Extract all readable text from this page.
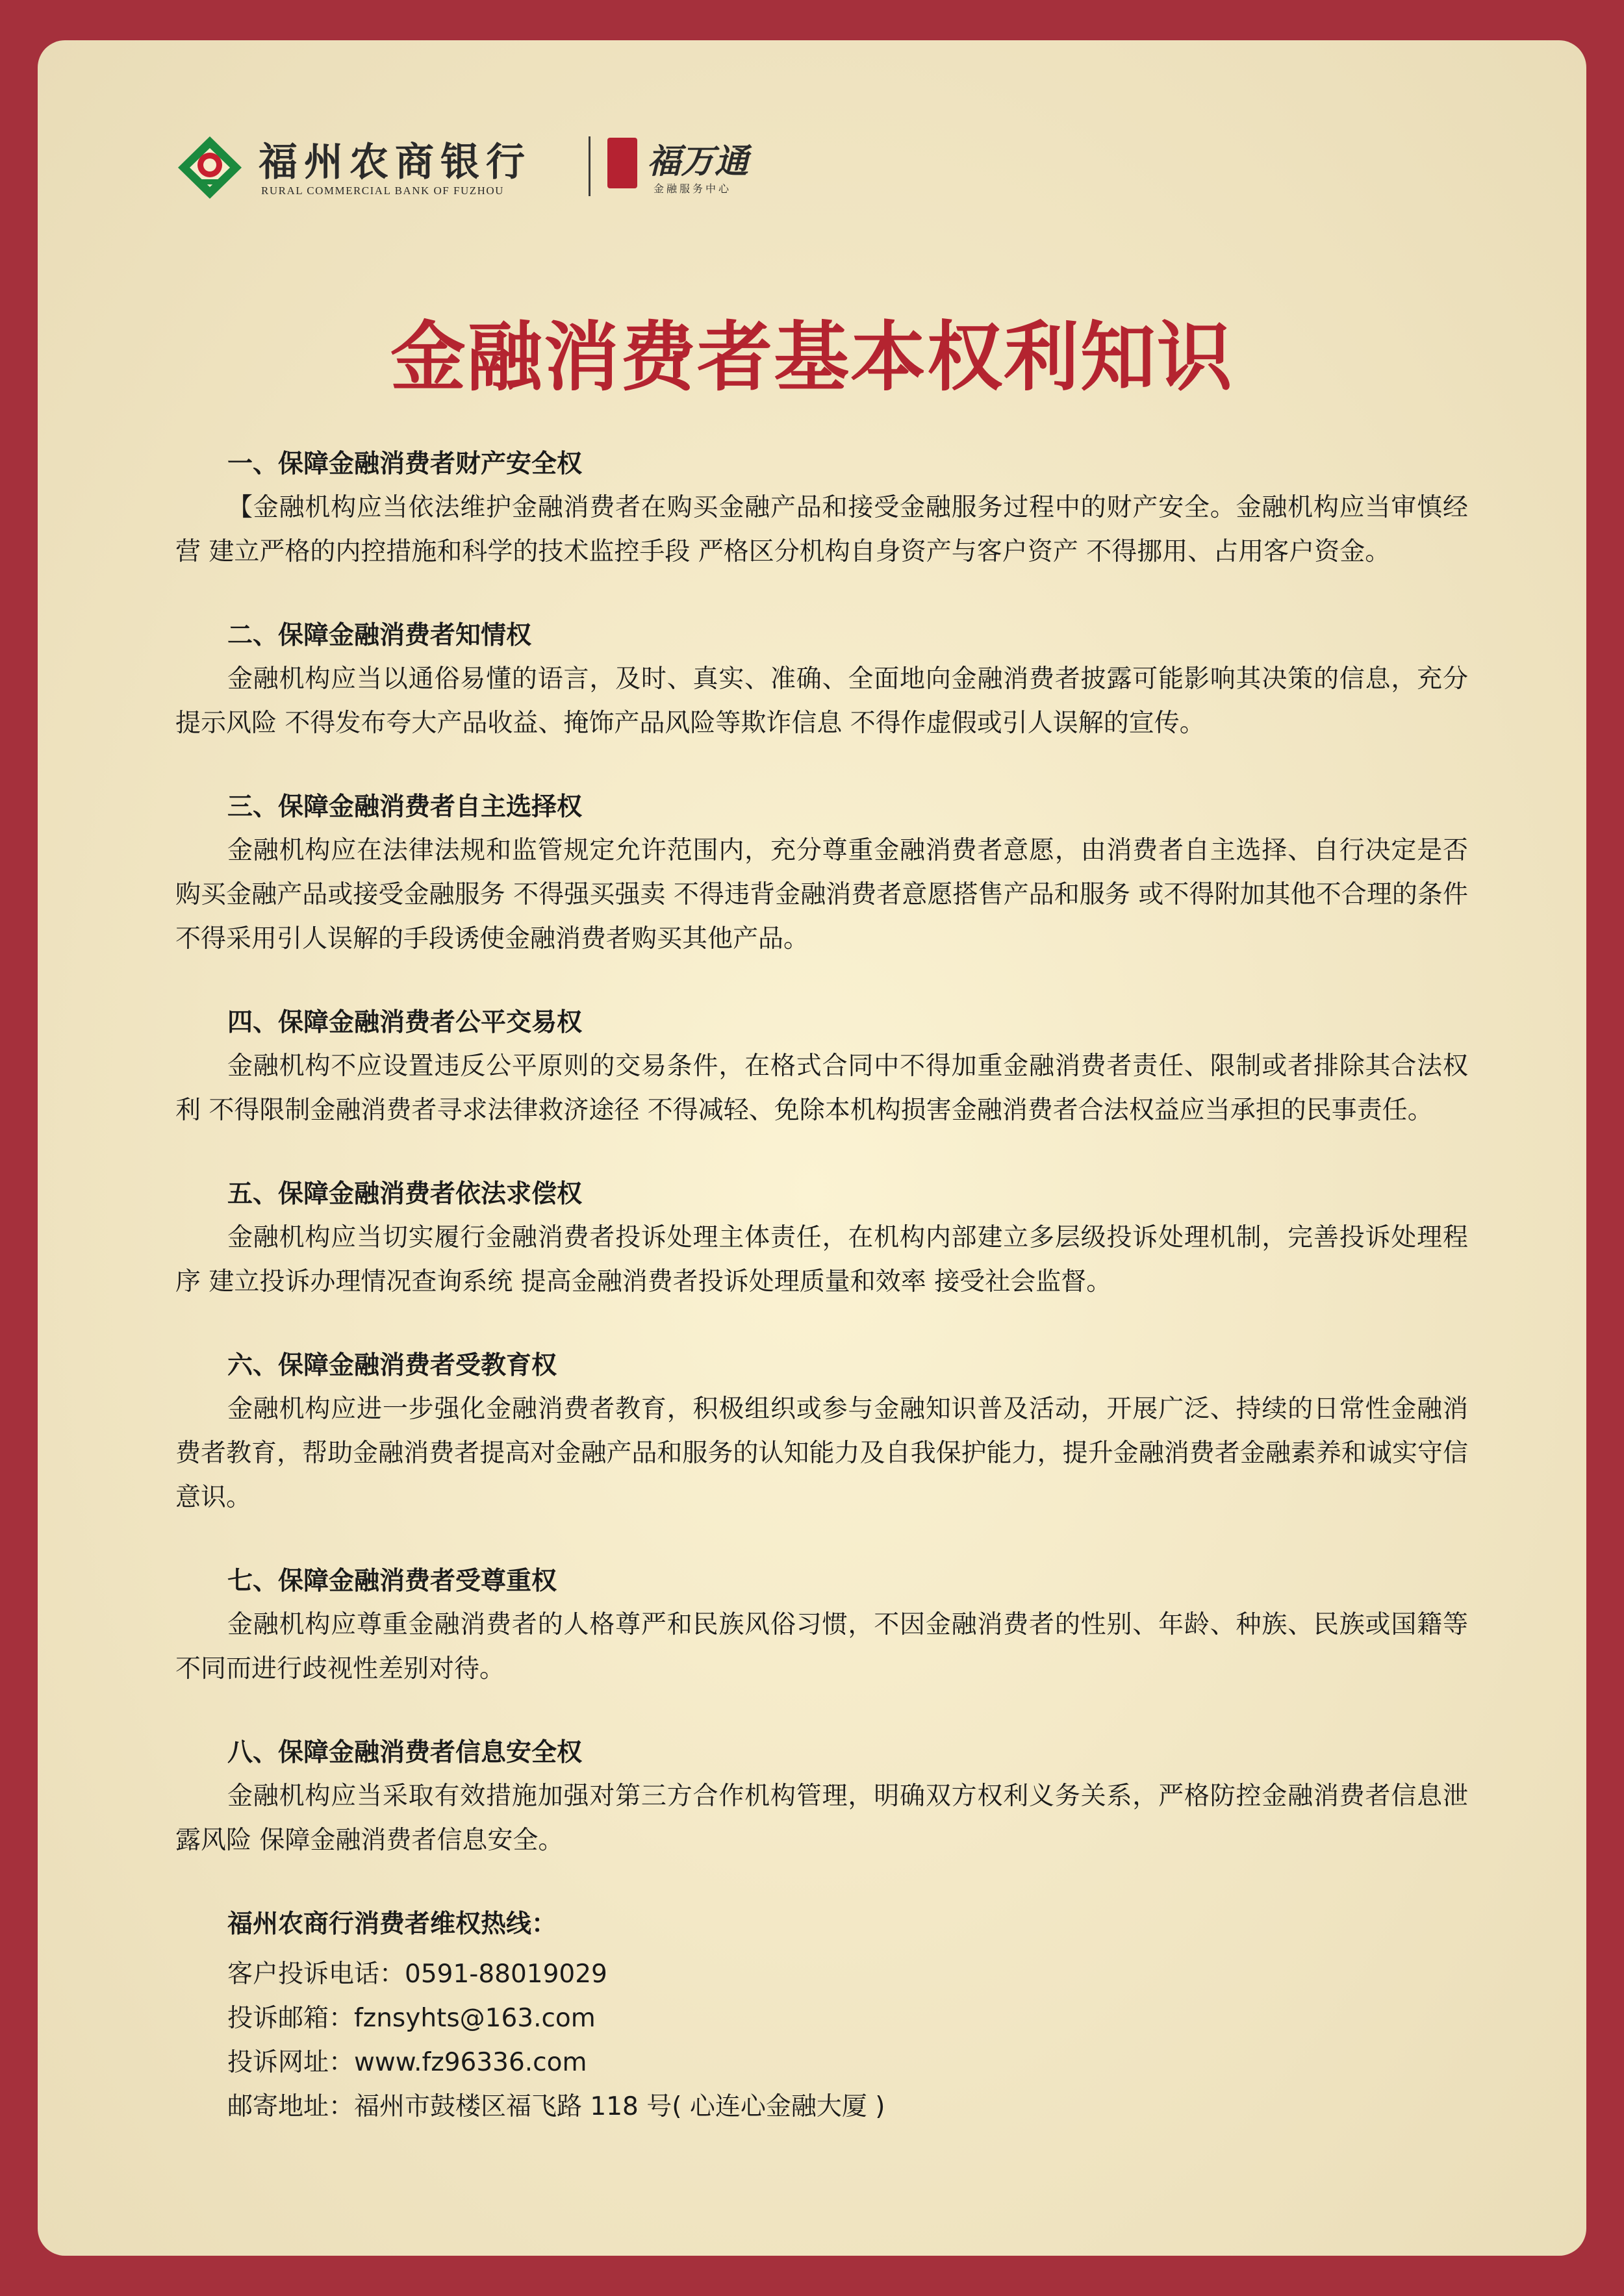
福州农商银行
RURAL COMMERCIAL BANK OF FUZHOU
福万通
金融服务中心
金融消费者基本权利知识

一、保障金融消费者财产安全权

【金融机构应当依法维护金融消费者在购买金融产品和接受金融服务过程中的财产安全。金融机构应当审慎经营 建立严格的内控措施和科学的技术监控手段 严格区分机构自身资产与客户资产 不得挪用、占用客户资金。

二、保障金融消费者知情权

金融机构应当以通俗易懂的语言，及时、真实、准确、全面地向金融消费者披露可能影响其决策的信息，充分提示风险 不得发布夸大产品收益、掩饰产品风险等欺诈信息 不得作虚假或引人误解的宣传。

三、保障金融消费者自主选择权

金融机构应在法律法规和监管规定允许范围内，充分尊重金融消费者意愿，由消费者自主选择、自行决定是否购买金融产品或接受金融服务 不得强买强卖 不得违背金融消费者意愿搭售产品和服务 或不得附加其他不合理的条件 不得采用引人误解的手段诱使金融消费者购买其他产品。

四、保障金融消费者公平交易权

金融机构不应设置违反公平原则的交易条件，在格式合同中不得加重金融消费者责任、限制或者排除其合法权利 不得限制金融消费者寻求法律救济途径 不得减轻、免除本机构损害金融消费者合法权益应当承担的民事责任。

五、保障金融消费者依法求偿权

金融机构应当切实履行金融消费者投诉处理主体责任，在机构内部建立多层级投诉处理机制，完善投诉处理程序 建立投诉办理情况查询系统 提高金融消费者投诉处理质量和效率 接受社会监督。

六、保障金融消费者受教育权

金融机构应进一步强化金融消费者教育，积极组织或参与金融知识普及活动，开展广泛、持续的日常性金融消费者教育，帮助金融消费者提高对金融产品和服务的认知能力及自我保护能力，提升金融消费者金融素养和诚实守信意识。

七、保障金融消费者受尊重权

金融机构应尊重金融消费者的人格尊严和民族风俗习惯，不因金融消费者的性别、年龄、种族、民族或国籍等不同而进行歧视性差别对待。

八、保障金融消费者信息安全权

金融机构应当采取有效措施加强对第三方合作机构管理，明确双方权利义务关系，严格防控金融消费者信息泄露风险 保障金融消费者信息安全。

福州农商行消费者维权热线：

客户投诉电话：0591-88019029

投诉邮箱：fznsyhts@163.com

投诉网址：www.fz96336.com

邮寄地址：福州市鼓楼区福飞路 118 号( 心连心金融大厦 )
